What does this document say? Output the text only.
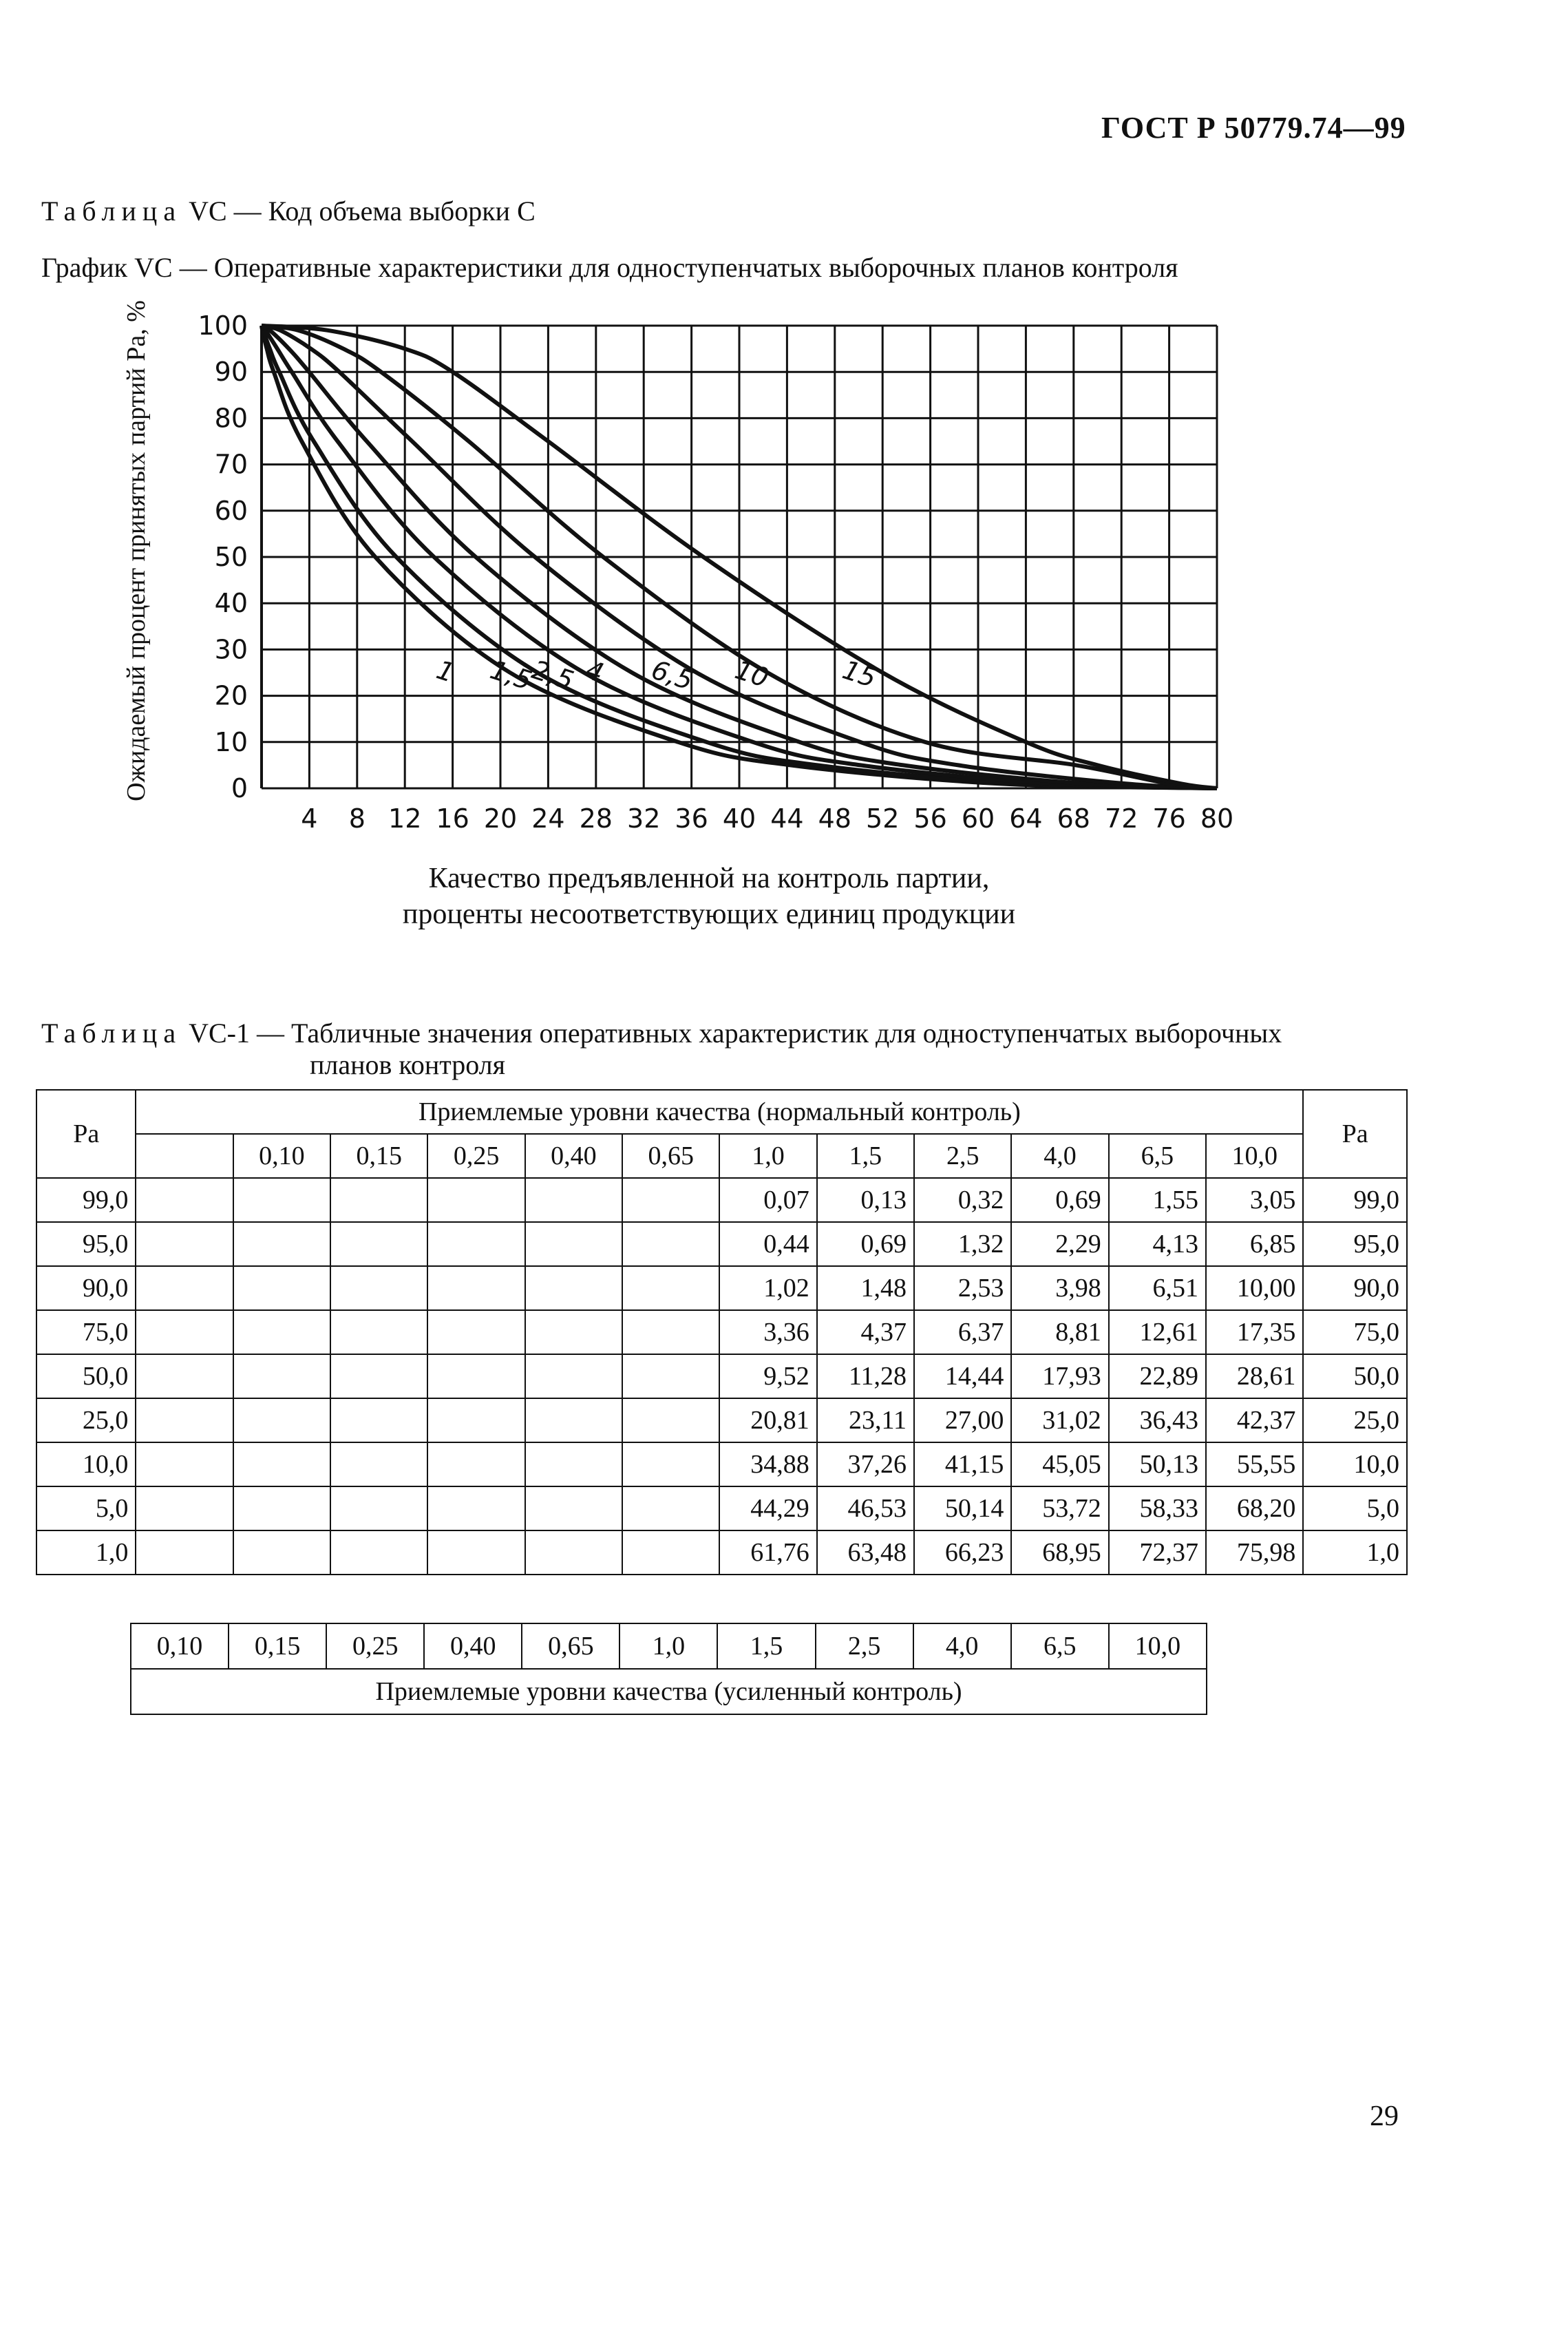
ГОСТ Р 50779.74—99
Таблица VC — Код объема выборки С
График VC — Оперативные характеристики для одноступенчатых выборочных планов контроля
4 8 12 16 20 24 28 32 36 40 44 48 52 56 60 64 68 72 76 80
0
10
20
30
40
50
60
70
80
90
100
1 1,5
2,5 4 6,5 10	15
Ожидаемый процент принятых партий Ра, %
Качество предъявленной на контроль партии,
проценты несоответствующих единиц продукции
Таблица VC-1 — Табличные значения оперативных характеристик для одноступенчатых выборочных
планов контроля
Ра	Приемлемые уровни качества (нормальный контроль)												Ра
		0,10	0,15	0,25	0,40	0,65	1,0	1,5	2,5	4,0	6,5	10,0	
99,0							0,07	0,13	0,32	0,69	1,55	3,05	99,0
95,0							0,44	0,69	1,32	2,29	4,13	6,85	95,0
90,0							1,02	1,48	2,53	3,98	6,51	10,00	90,0
75,0							3,36	4,37	6,37	8,81	12,61	17,35	75,0
50,0							9,52	11,28	14,44	17,93	22,89	28,61	50,0
25,0							20,81	23,11	27,00	31,02	36,43	42,37	25,0
10,0							34,88	37,26	41,15	45,05	50,13	55,55	10,0
5,0							44,29	46,53	50,14	53,72	58,33	68,20	5,0
1,0							61,76	63,48	66,23	68,95	72,37	75,98	1,0
0,10	0,15	0,25	0,40	0,65	1,0	1,5	2,5	4,0	6,5	10,0
Приемлемые уровни качества (усиленный контроль)
29
